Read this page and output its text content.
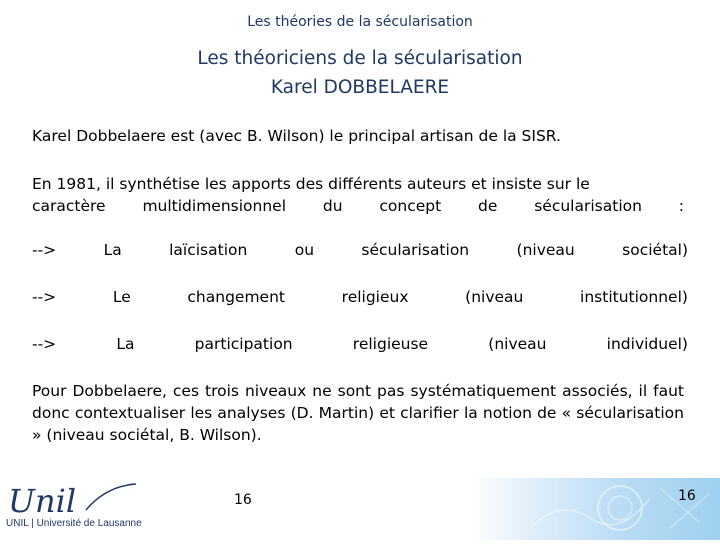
Les théories de la sécularisation
Les théoriciens de la sécularisation
Karel DOBBELAERE
Karel Dobbelaere est (avec B. Wilson) le principal artisan de la SISR.
En 1981, il synthétise les apports des différents auteurs et insiste sur le
caractère multidimensionnel du concept de sécularisation :
-->	La	laïcisation	ou	sécularisation	(niveau	sociétal)
-->	Le	changement	religieux	(niveau	institutionnel)
-->	La	participation	religieuse	(niveau	individuel)
Pour Dobbelaere, ces trois niveaux ne sont pas systématiquement associés, il faut donc contextualiser les analyses (D. Martin) et clarifier la notion de « sécularisation » (niveau sociétal, B. Wilson).
Unil
UNIL | Université de Lausanne
16	16
